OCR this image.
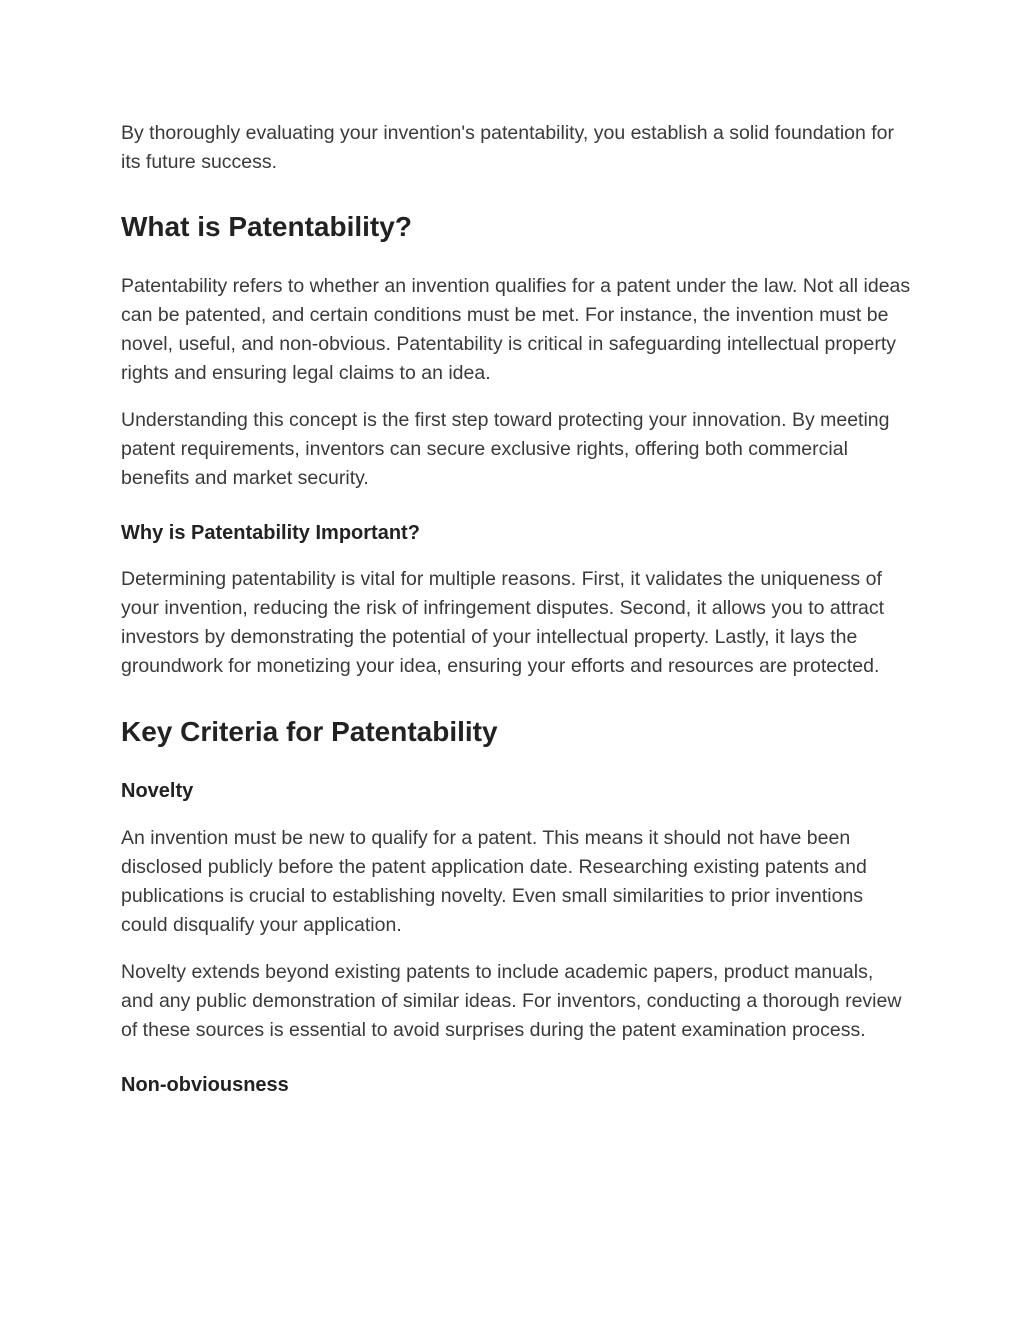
By thoroughly evaluating your invention's patentability, you establish a solid foundation for its future success.

What is Patentability?

Patentability refers to whether an invention qualifies for a patent under the law. Not all ideas can be patented, and certain conditions must be met. For instance, the invention must be novel, useful, and non-obvious. Patentability is critical in safeguarding intellectual property rights and ensuring legal claims to an idea.

Understanding this concept is the first step toward protecting your innovation. By meeting patent requirements, inventors can secure exclusive rights, offering both commercial benefits and market security.

Why is Patentability Important?

Determining patentability is vital for multiple reasons. First, it validates the uniqueness of your invention, reducing the risk of infringement disputes. Second, it allows you to attract investors by demonstrating the potential of your intellectual property. Lastly, it lays the groundwork for monetizing your idea, ensuring your efforts and resources are protected.

Key Criteria for Patentability
Novelty

An invention must be new to qualify for a patent. This means it should not have been disclosed publicly before the patent application date. Researching existing patents and publications is crucial to establishing novelty. Even small similarities to prior inventions could disqualify your application.

Novelty extends beyond existing patents to include academic papers, product manuals, and any public demonstration of similar ideas. For inventors, conducting a thorough review of these sources is essential to avoid surprises during the patent examination process.

Non-obviousness
